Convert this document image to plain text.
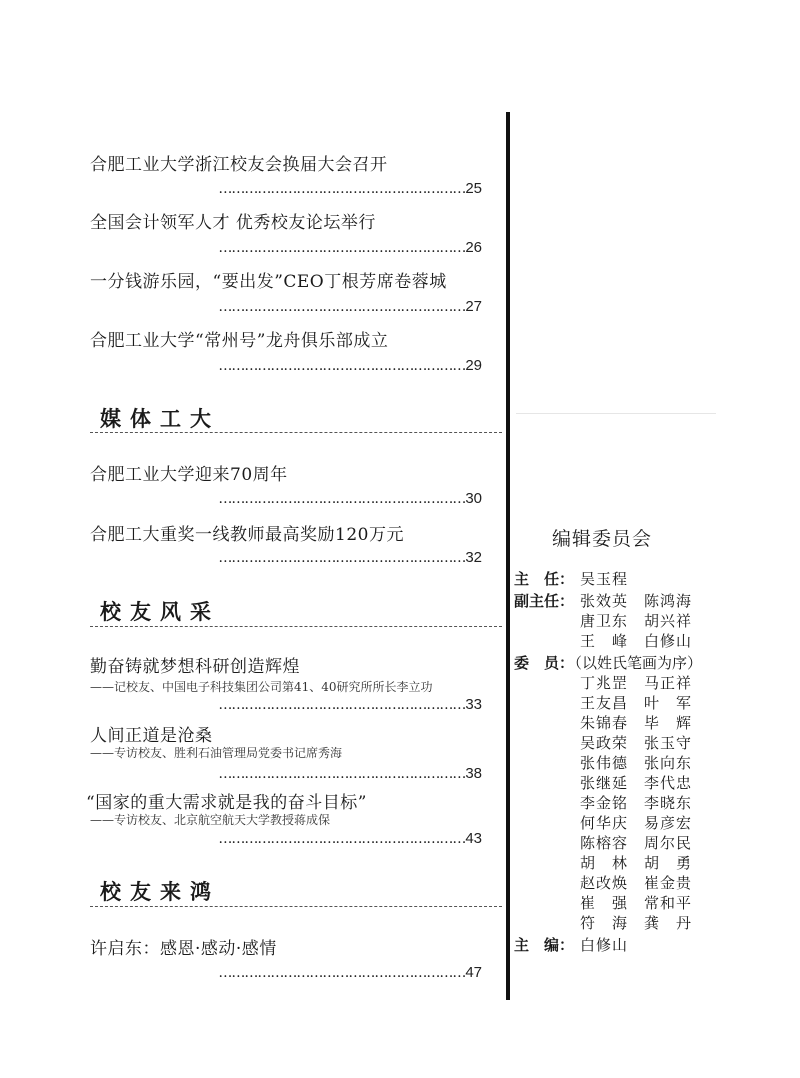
合肥工业大学浙江校友会换届大会召开
…………………………………………………25
全国会计领军人才 优秀校友论坛举行
…………………………………………………26
一分钱游乐园，“要出发”CEO丁根芳席卷蓉城
…………………………………………………27
合肥工业大学“常州号”龙舟俱乐部成立
…………………………………………………29
媒体工大
合肥工业大学迎来70周年
…………………………………………………30
合肥工大重奖一线教师最高奖励120万元
…………………………………………………32
校友风采
勤奋铸就梦想科研创造辉煌
——记校友、中国电子科技集团公司第41、40研究所所长李立功
…………………………………………………33
人间正道是沧桑
——专访校友、胜利石油管理局党委书记席秀海
…………………………………………………38
“国家的重大需求就是我的奋斗目标”
——专访校友、北京航空航天大学教授蒋成保
…………………………………………………43
校友来鸿
许启东：感恩·感动·感情
…………………………………………………47
编辑委员会
主　任： 吴玉程
副主任： 张效英　陈鸿海
唐卫东　胡兴祥
王　峰　白修山
委　员：
（以姓氏笔画为序）
丁兆罡　马正祥
王友昌　叶　军
朱锦春　毕　辉
吴政荣　张玉守
张伟德　张向东
张继延　李代忠
李金铭　李晓东
何华庆　易彦宏
陈榕容　周尔民
胡　林　胡　勇
赵改焕　崔金贵
崔　强　常和平
符　海　龚　丹
主　编： 白修山
